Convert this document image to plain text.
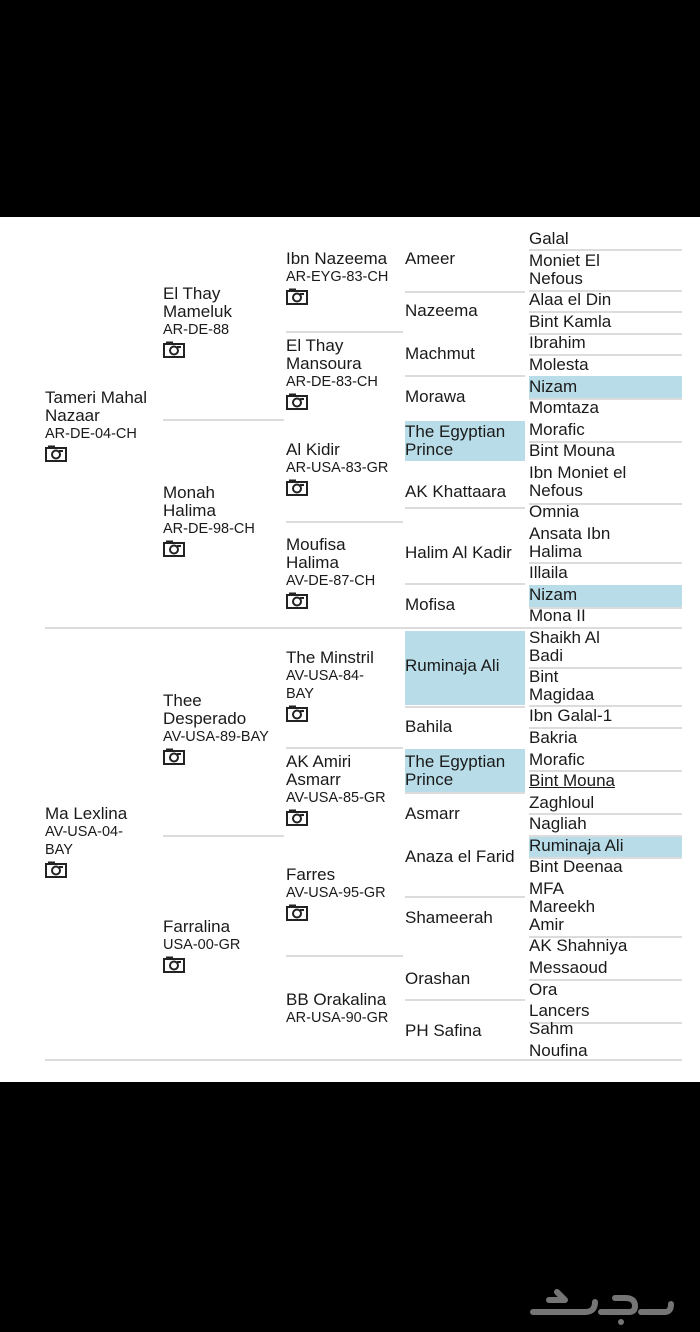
Tameri Mahal
Nazaar
AR-DE-04-CH
Ma Lexlina
AV-USA-04-
BAY
El Thay
Mameluk
AR-DE-88
Monah
Halima
AR-DE-98-CH
Thee
Desperado
AV-USA-89-BAY
Farralina
USA-00-GR
Ibn Nazeema
AR-EYG-83-CH
El Thay
Mansoura
AR-DE-83-CH
Al Kidir
AR-USA-83-GR
Moufisa
Halima
AV-DE-87-CH
The Minstril
AV-USA-84-
BAY
AK Amiri
Asmarr
AV-USA-85-GR
Farres
AV-USA-95-GR
BB Orakalina
AR-USA-90-GR
Ameer
Nazeema
Machmut
Morawa
The Egyptian
Prince
AK Khattaara
Halim Al Kadir
Mofisa
Ruminaja Ali
Bahila
The Egyptian
Prince
Asmarr
Anaza el Farid
Shameerah
Orashan
PH Safina
Galal
Moniet El
Nefous
Alaa el Din
Bint Kamla
Ibrahim
Molesta
Nizam
Momtaza
Morafic
Bint Mouna
Ibn Moniet el
Nefous
Omnia
Ansata Ibn
Halima
Illaila
Nizam
Mona II
Shaikh Al
Badi
Bint
Magidaa
Ibn Galal-1
Bakria
Morafic
Bint Mouna
Zaghloul
Nagliah
Ruminaja Ali
Bint Deenaa
MFA
Mareekh
Amir
AK Shahniya
Messaoud
Ora
Lancers
Sahm
Noufina
